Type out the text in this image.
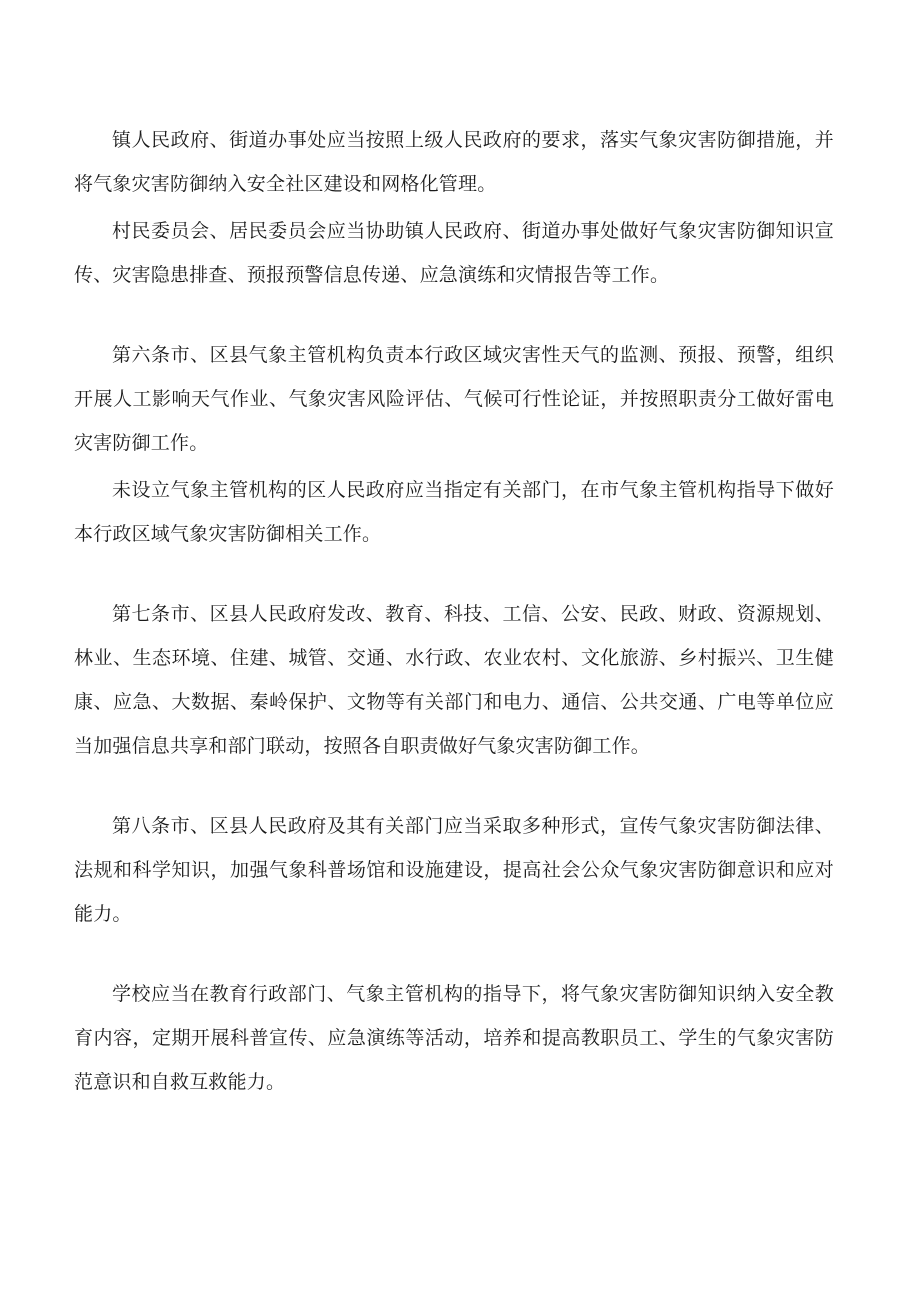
镇人民政府、街道办事处应当按照上级人民政府的要求，落实气象灾害防御措施，并将气象灾害防御纳入安全社区建设和网格化管理。

村民委员会、居民委员会应当协助镇人民政府、街道办事处做好气象灾害防御知识宣传、灾害隐患排查、预报预警信息传递、应急演练和灾情报告等工作。

第六条市、区县气象主管机构负责本行政区域灾害性天气的监测、预报、预警，组织开展人工影响天气作业、气象灾害风险评估、气候可行性论证，并按照职责分工做好雷电灾害防御工作。

未设立气象主管机构的区人民政府应当指定有关部门，在市气象主管机构指导下做好本行政区域气象灾害防御相关工作。

第七条市、区县人民政府发改、教育、科技、工信、公安、民政、财政、资源规划、林业、生态环境、住建、城管、交通、水行政、农业农村、文化旅游、乡村振兴、卫生健康、应急、大数据、秦岭保护、文物等有关部门和电力、通信、公共交通、广电等单位应当加强信息共享和部门联动，按照各自职责做好气象灾害防御工作。

第八条市、区县人民政府及其有关部门应当采取多种形式，宣传气象灾害防御法律、法规和科学知识，加强气象科普场馆和设施建设，提高社会公众气象灾害防御意识和应对能力。

学校应当在教育行政部门、气象主管机构的指导下，将气象灾害防御知识纳入安全教育内容，定期开展科普宣传、应急演练等活动，培养和提高教职员工、学生的气象灾害防范意识和自救互救能力。
